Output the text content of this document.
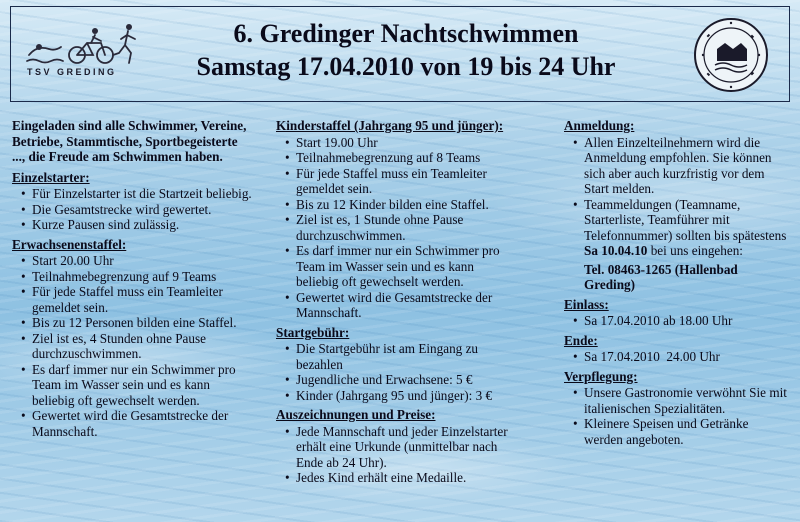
TSV GREDING
6. Gredinger Nachtschwimmen
Samstag 17.04.2010 von 19 bis 24 Uhr

Eingeladen sind alle Schwimmer, Vereine, Betriebe, Stammtische, Sportbegeisterte ..., die Freude am Schwimmen haben.

Einzelstarter:
• Für Einzelstarter ist die Startzeit beliebig.
• Die Gesamtstrecke wird gewertet.
• Kurze Pausen sind zulässig.
Erwachsenenstaffel:
• Start 20.00 Uhr
• Teilnahmebegrenzung auf 9 Teams
• Für jede Staffel muss ein Teamleiter gemeldet sein.
• Bis zu 12 Personen bilden eine Staffel.
• Ziel ist es, 4 Stunden ohne Pause durchzuschwimmen.
• Es darf immer nur ein Schwimmer pro Team im Wasser sein und es kann beliebig oft gewechselt werden.
• Gewertet wird die Gesamtstrecke der Mannschaft.
Kinderstaffel (Jahrgang 95 und jünger):
• Start 19.00 Uhr
• Teilnahmebegrenzung auf 8 Teams
• Für jede Staffel muss ein Teamleiter gemeldet sein.
• Bis zu 12 Kinder bilden eine Staffel.
• Ziel ist es, 1 Stunde ohne Pause durchzuschwimmen.
• Es darf immer nur ein Schwimmer pro Team im Wasser sein und es kann beliebig oft gewechselt werden.
• Gewertet wird die Gesamtstrecke der Mannschaft.
Startgebühr:
• Die Startgebühr ist am Eingang zu bezahlen
• Jugendliche und Erwachsene: 5 €
• Kinder (Jahrgang 95 und jünger): 3 €
Auszeichnungen und Preise:
• Jede Mannschaft und jeder Einzelstarter erhält eine Urkunde (unmittelbar nach Ende ab 24 Uhr).
• Jedes Kind erhält eine Medaille.
Anmeldung:
• Allen Einzelteilnehmern wird die Anmeldung empfohlen. Sie können sich aber auch kurzfristig vor dem Start melden.
• Teammeldungen (Teamname, Starterliste, Teamführer mit Telefonnummer) sollten bis spätestens Sa 10.04.10 bei uns eingehen:
Tel. 08463-1265 (Hallenbad Greding)
Einlass:
• Sa 17.04.2010 ab 18.00 Uhr
Ende:
• Sa 17.04.2010  24.00 Uhr
Verpflegung:
• Unsere Gastronomie verwöhnt Sie mit italienischen Spezialitäten.
• Kleinere Speisen und Getränke werden angeboten.
